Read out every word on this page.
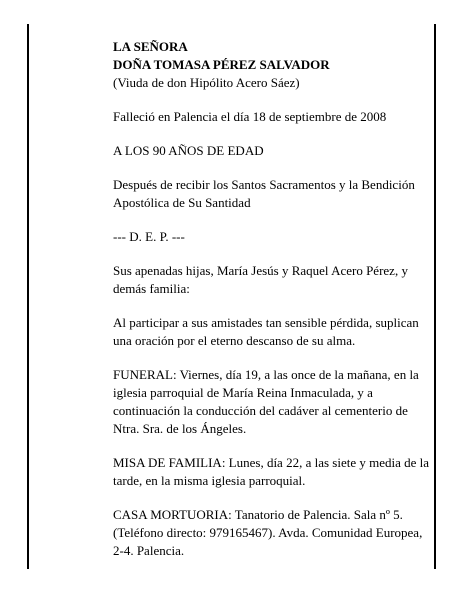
LA SEÑORA

DOÑA TOMASA PÉREZ SALVADOR

(Viuda de don Hipólito Acero Sáez)

Falleció en Palencia el día 18 de septiembre de 2008

A LOS 90 AÑOS DE EDAD

Después de recibir los Santos Sacramentos y la Bendición Apostólica de Su Santidad

--- D. E. P. ---

Sus apenadas hijas, María Jesús y Raquel Acero Pérez, y demás familia:

Al participar a sus amistades tan sensible pérdida, suplican una oración por el eterno descanso de su alma.

FUNERAL: Viernes, día 19, a las once de la mañana, en la iglesia parroquial de María Reina Inmaculada, y a continuación la conducción del cadáver al cementerio de Ntra. Sra. de los Ángeles.

MISA DE FAMILIA: Lunes, día 22, a las siete y media de la tarde, en la misma iglesia parroquial.

CASA MORTUORIA: Tanatorio de Palencia. Sala nº 5. (Teléfono directo: 979165467). Avda. Comunidad Europea, 2-4. Palencia.
